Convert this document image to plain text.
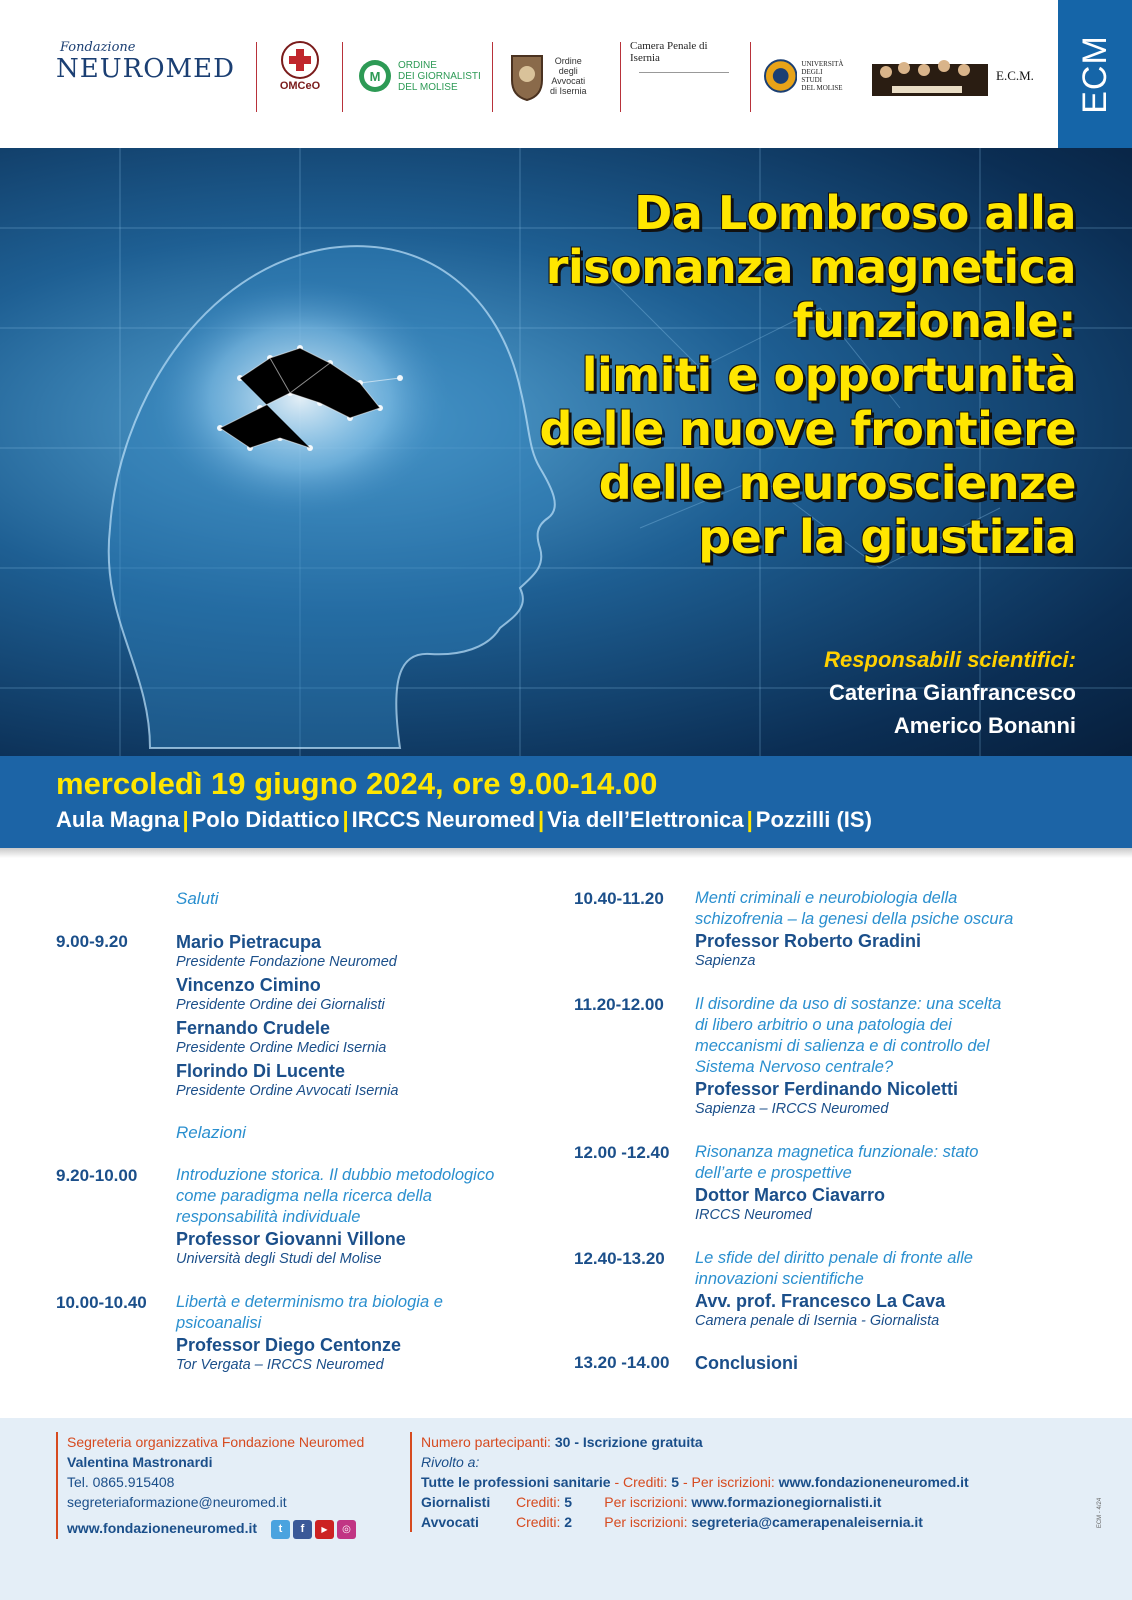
Fondazione
NEUROMED
OMCeO
M
ORDINE
DEI GIORNALISTI
DEL MOLISE
Ordine
degli
Avvocati
di Isernia
Camera Penale di Isernia	UNIVERSITÀ
DEGLI STUDI
DEL MOLISE
E.C.M. ECM
Da Lombroso alla
risonanza magnetica
funzionale:
limiti e opportunità
delle nuove frontiere
delle neuroscienze
per la giustizia
Responsabili scientifici:
Caterina Gianfrancesco
Americo Bonanni
mercoledì 19 giugno 2024, ore 9.00-14.00
Aula Magna | Polo Didattico | IRCCS Neuromed | Via dell’Elettronica | Pozzilli (IS)
Saluti
9.00-9.20	Mario Pietracupa
Presidente Fondazione Neuromed
Vincenzo Cimino
Presidente Ordine dei Giornalisti
Fernando Crudele
Presidente Ordine Medici Isernia
Florindo Di Lucente
Presidente Ordine Avvocati Isernia
Relazioni
9.20-10.00	Introduzione storica. Il dubbio metodologico
come paradigma nella ricerca della
responsabilità individuale
Professor Giovanni Villone
Università degli Studi del Molise
10.00-10.40	Libertà e determinismo tra biologia e
psicoanalisi
Professor Diego Centonze
Tor Vergata – IRCCS Neuromed
10.40-11.20	Menti criminali e neurobiologia della
schizofrenia – la genesi della psiche oscura
Professor Roberto Gradini
Sapienza
11.20-12.00	Il disordine da uso di sostanze: una scelta
di libero arbitrio o una patologia dei
meccanismi di salienza e di controllo del
Sistema Nervoso centrale?
Professor Ferdinando Nicoletti
Sapienza – IRCCS Neuromed
12.00 -12.40	Risonanza magnetica funzionale: stato
dell’arte e prospettive
Dottor Marco Ciavarro
IRCCS Neuromed
12.40-13.20	Le sfide del diritto penale di fronte alle
innovazioni scientifiche
Avv. prof. Francesco La Cava
Camera penale di Isernia - Giornalista
13.20 -14.00	Conclusioni
Segreteria organizzativa Fondazione Neuromed
Valentina Mastronardi
Tel. 0865.915408
segreteriaformazione@neuromed.it
www.fondazioneneuromed.it t f ▶ ◎
Numero partecipanti: 30 - Iscrizione gratuita
Rivolto a:
Tutte le professioni sanitarie - Crediti: 5 - Per iscrizioni: www.fondazioneneuromed.it
Giornalisti Crediti: 5 Per iscrizioni: www.formazionegiornalisti.it
Avvocati	Crediti: 2 Per iscrizioni: segreteria@camerapenaleisernia.it	ECM - 4/24
